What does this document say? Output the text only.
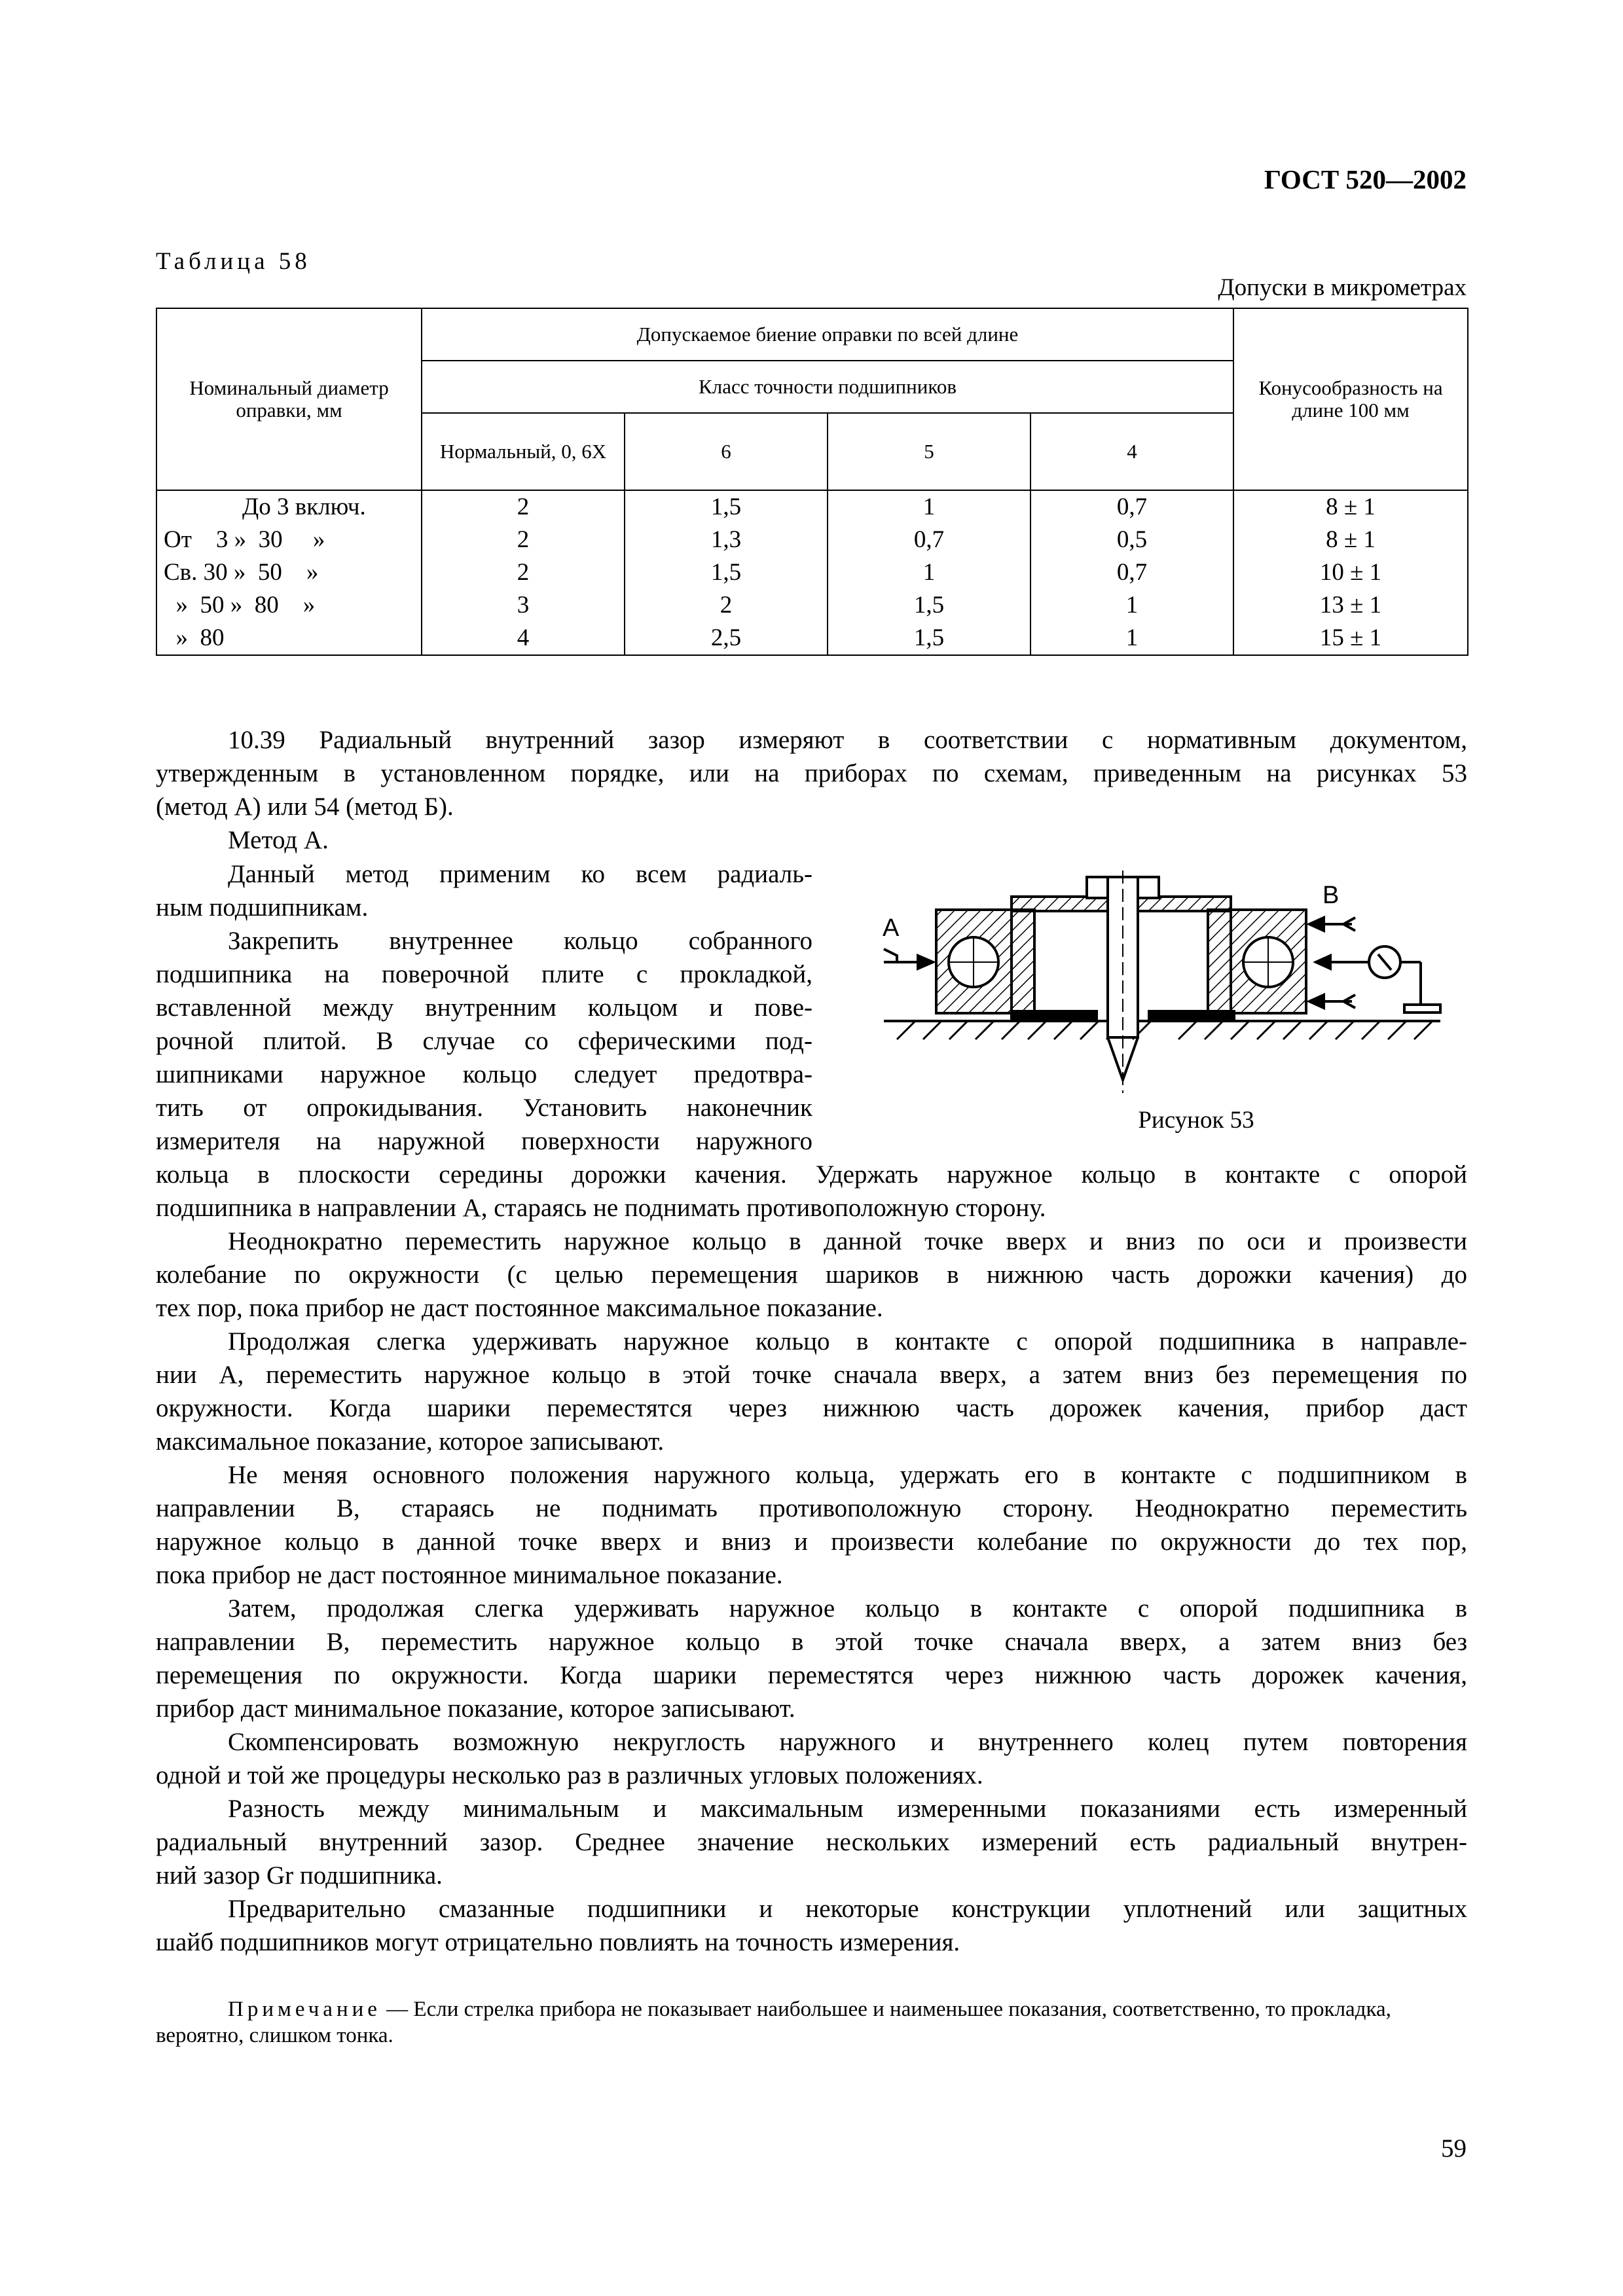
ГОСТ 520—2002
Таблица 58
Допуски в микрометрах
Номинальный диаметр оправки, мм	Допускаемое биение оправки по всей длине				Конусообразность на длине 100 мм
	Класс точности подшипников				
	Нормальный, 0, 6X	6	5	4	
До 3 включ.	2	1,5	1	0,7	8 ± 1
От    3 »  30     »	2	1,3	0,7	0,5	8 ± 1
Св. 30 »  50    »	2	1,5	1	0,7	10 ± 1
»  50 »  80    »	3	2	1,5	1	13 ± 1
»  80	4	2,5	1,5	1	15 ± 1
10.39 Радиальный внутренний зазор измеряют в соответствии с нормативным документом,
утвержденным в установленном порядке, или на приборах по схемам, приведенным на рисунках 53
(метод А) или 54 (метод Б).
Метод А.
Данный метод применим ко всем радиаль-
ным подшипникам.
Закрепить внутреннее кольцо собранного
подшипника на поверочной плите с прокладкой,
вставленной между внутренним кольцом и пове-
рочной плитой. В случае со сферическими под-
шипниками наружное кольцо следует предотвра-
тить от опрокидывания. Установить наконечник
измерителя на наружной поверхности наружного
кольца в плоскости середины дорожки качения. Удержать наружное кольцо в контакте с опорой
подшипника в направлении А, стараясь не поднимать противоположную сторону.
Неоднократно переместить наружное кольцо в данной точке вверх и вниз по оси и произвести
колебание по окружности (с целью перемещения шариков в нижнюю часть дорожки качения) до
тех пор, пока прибор не даст постоянное максимальное показание.
Продолжая слегка удерживать наружное кольцо в контакте с опорой подшипника в направле-
нии А, переместить наружное кольцо в этой точке сначала вверх, а затем вниз без перемещения по
окружности. Когда шарики переместятся через нижнюю часть дорожек качения, прибор даст
максимальное показание, которое записывают.
Не меняя основного положения наружного кольца, удержать его в контакте с подшипником в
направлении В, стараясь не поднимать противоположную сторону. Неоднократно переместить
наружное кольцо в данной точке вверх и вниз и произвести колебание по окружности до тех пор,
пока прибор не даст постоянное минимальное показание.
Затем, продолжая слегка удерживать наружное кольцо в контакте с опорой подшипника в
направлении В, переместить наружное кольцо в этой точке сначала вверх, а затем вниз без
перемещения по окружности. Когда шарики переместятся через нижнюю часть дорожек качения,
прибор даст минимальное показание, которое записывают.
Скомпенсировать возможную некруглость наружного и внутреннего колец путем повторения
одной и той же процедуры несколько раз в различных угловых положениях.
Разность между минимальным и максимальным измеренными показаниями есть измеренный
радиальный внутренний зазор. Среднее значение нескольких измерений есть радиальный внутрен-
ний зазор Gr подшипника.
Предварительно смазанные подшипники и некоторые конструкции уплотнений или защитных
шайб подшипников могут отрицательно повлиять на точность измерения.
Примечание — Если стрелка прибора не показывает наибольшее и наименьшее показания, соответственно, то прокладка, вероятно, слишком тонка.
A
B
Рисунок 53
59
